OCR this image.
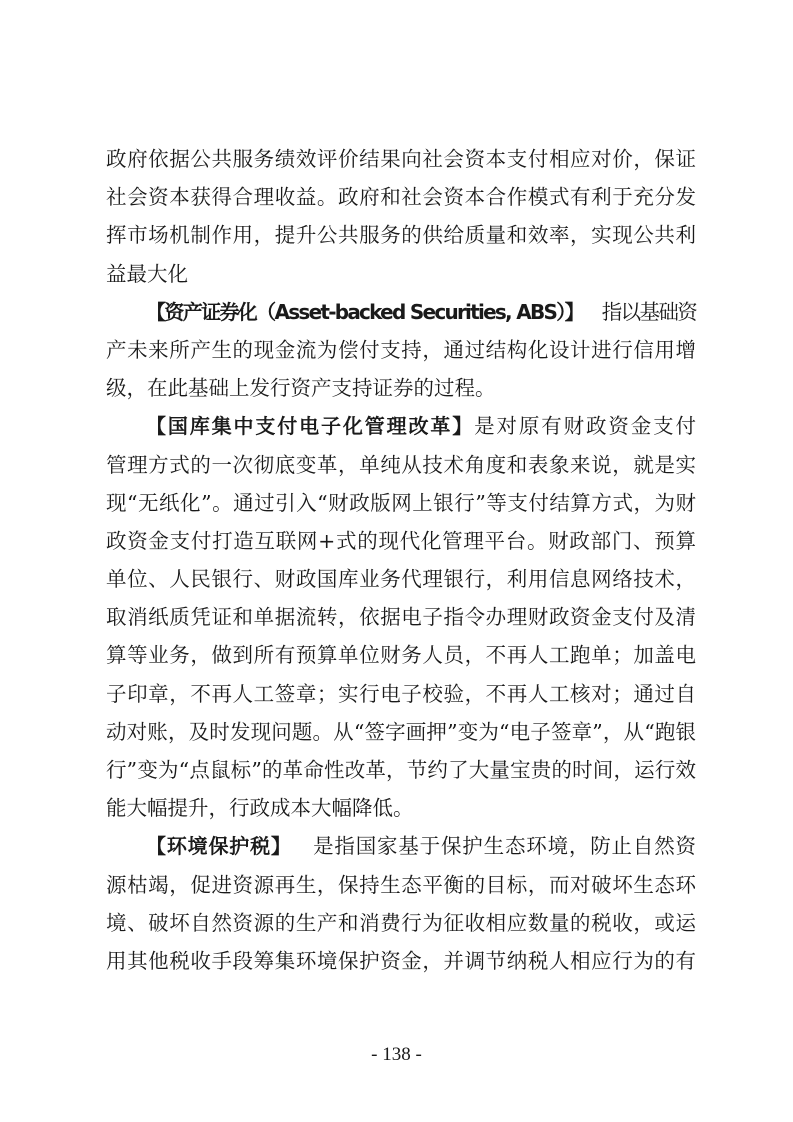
政府依据公共服务绩效评价结果向社会资本支付相应对价，保证
社会资本获得合理收益。政府和社会资本合作模式有利于充分发
挥市场机制作用，提升公共服务的供给质量和效率，实现公共利
益最大化
【资产证券化（Asset-backed Securities, ABS）】  指以基础资
产未来所产生的现金流为偿付支持，通过结构化设计进行信用增
级，在此基础上发行资产支持证券的过程。
【国库集中支付电子化管理改革】是对原有财政资金支付
管理方式的一次彻底变革，单纯从技术角度和表象来说，就是实
现“无纸化”。通过引入“财政版网上银行”等支付结算方式，为财
政资金支付打造互联网+式的现代化管理平台。财政部门、预算
单位、人民银行、财政国库业务代理银行，利用信息网络技术，
取消纸质凭证和单据流转，依据电子指令办理财政资金支付及清
算等业务，做到所有预算单位财务人员，不再人工跑单；加盖电
子印章，不再人工签章；实行电子校验，不再人工核对；通过自
动对账，及时发现问题。从“签字画押”变为“电子签章”，从“跑银
行”变为“点鼠标”的革命性改革，节约了大量宝贵的时间，运行效
能大幅提升，行政成本大幅降低。
【环境保护税】  是指国家基于保护生态环境，防止自然资
源枯竭，促进资源再生，保持生态平衡的目标，而对破坏生态环
境、破坏自然资源的生产和消费行为征收相应数量的税收，或运
用其他税收手段筹集环境保护资金，并调节纳税人相应行为的有
- 138 -
